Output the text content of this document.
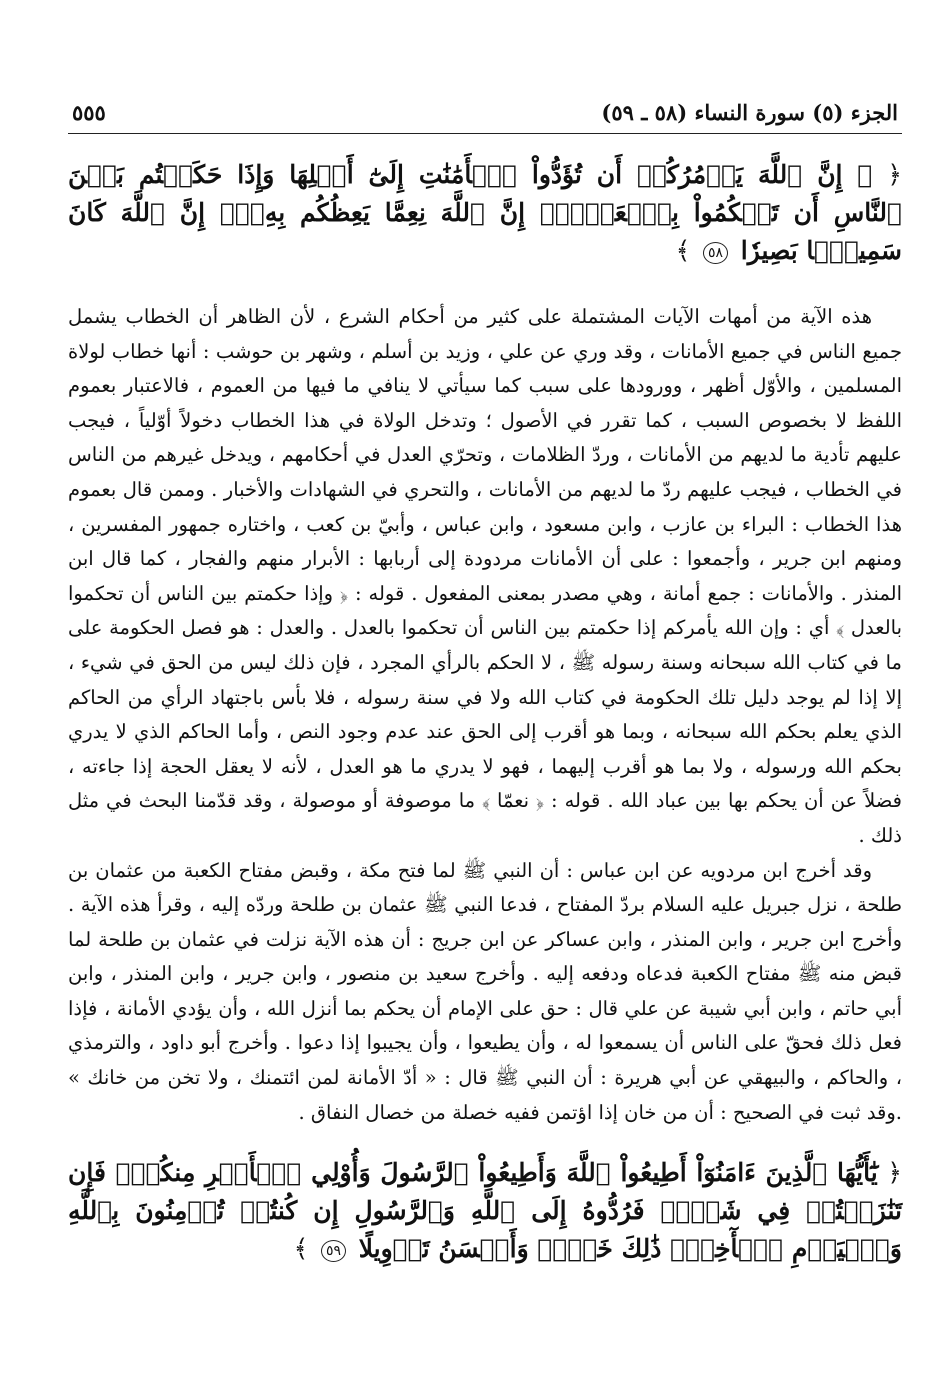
الجزء (٥) سورة النساء (٥٨ ـ ٥٩)
٥٥٥

﴿ ۞ إِنَّ ٱللَّهَ يَأۡمُرُكُمۡ أَن تُؤَدُّواْ ٱلۡأَمَٰنَٰتِ إِلَىٰٓ أَهۡلِهَا وَإِذَا حَكَمۡتُم بَيۡنَ ٱلنَّاسِ أَن تَحۡكُمُواْ بِٱلۡعَدۡلِۚ إِنَّ ٱللَّهَ نِعِمَّا يَعِظُكُم بِهِۦٓۗ إِنَّ ٱللَّهَ كَانَ سَمِيعَۢا بَصِيرٗا ٥٨ ﴾

هذه الآية من أمهات الآيات المشتملة على كثير من أحكام الشرع ، لأن الظاهر أن الخطاب يشمل جميع الناس في جميع الأمانات ، وقد وري عن علي ، وزيد بن أسلم ، وشهر بن حوشب : أنها خطاب لولاة المسلمين ، والأوّل أظهر ، وورودها على سبب كما سيأتي لا ينافي ما فيها من العموم ، فالاعتبار بعموم اللفظ لا بخصوص السبب ، كما تقرر في الأصول ؛ وتدخل الولاة في هذا الخطاب دخولاً أوّلياً ، فيجب عليهم تأدية ما لديهم من الأمانات ، وردّ الظلامات ، وتحرّي العدل في أحكامهم ، ويدخل غيرهم من الناس في الخطاب ، فيجب عليهم ردّ ما لديهم من الأمانات ، والتحري في الشهادات والأخبار . وممن قال بعموم هذا الخطاب : البراء بن عازب ، وابن مسعود ، وابن عباس ، وأبيّ بن كعب ، واختاره جمهور المفسرين ، ومنهم ابن جرير ، وأجمعوا : على أن الأمانات مردودة إلى أربابها : الأبرار منهم والفجار ، كما قال ابن المنذر . والأمانات : جمع أمانة ، وهي مصدر بمعنى المفعول . قوله : ﴿ وإذا حكمتم بين الناس أن تحكموا بالعدل ﴾ أي : وإن الله يأمركم إذا حكمتم بين الناس أن تحكموا بالعدل . والعدل : هو فصل الحكومة على ما في كتاب الله سبحانه وسنة رسوله ﷺ ، لا الحكم بالرأي المجرد ، فإن ذلك ليس من الحق في شيء ، إلا إذا لم يوجد دليل تلك الحكومة في كتاب الله ولا في سنة رسوله ، فلا بأس باجتهاد الرأي من الحاكم الذي يعلم بحكم الله سبحانه ، وبما هو أقرب إلى الحق عند عدم وجود النص ، وأما الحاكم الذي لا يدري بحكم الله ورسوله ، ولا بما هو أقرب إليهما ، فهو لا يدري ما هو العدل ، لأنه لا يعقل الحجة إذا جاءته ، فضلاً عن أن يحكم بها بين عباد الله . قوله : ﴿ نعمّا ﴾ ما موصوفة أو موصولة ، وقد قدّمنا البحث في مثل ذلك .

وقد أخرج ابن مردويه عن ابن عباس : أن النبي ﷺ لما فتح مكة ، وقبض مفتاح الكعبة من عثمان بن طلحة ، نزل جبريل عليه السلام بردّ المفتاح ، فدعا النبي ﷺ عثمان بن طلحة وردّه إليه ، وقرأ هذه الآية . وأخرج ابن جرير ، وابن المنذر ، وابن عساكر عن ابن جريج : أن هذه الآية نزلت في عثمان بن طلحة لما قبض منه ﷺ مفتاح الكعبة فدعاه ودفعه إليه . وأخرج سعيد بن منصور ، وابن جرير ، وابن المنذر ، وابن أبي حاتم ، وابن أبي شيبة عن علي قال : حق على الإمام أن يحكم بما أنزل الله ، وأن يؤدي الأمانة ، فإذا فعل ذلك فحقّ على الناس أن يسمعوا له ، وأن يطيعوا ، وأن يجيبوا إذا دعوا . وأخرج أبو داود ، والترمذي ، والحاكم ، والبيهقي عن أبي هريرة : أن النبي ﷺ قال : « أدّ الأمانة لمن ائتمنك ، ولا تخن من خانك » .وقد ثبت في الصحيح : أن من خان إذا اؤتمن ففيه خصلة من خصال النفاق .

﴿ يَٰٓأَيُّهَا ٱلَّذِينَ ءَامَنُوٓاْ أَطِيعُواْ ٱللَّهَ وَأَطِيعُواْ ٱلرَّسُولَ وَأُوْلِي ٱلۡأَمۡرِ مِنكُمۡۖ فَإِن تَنَٰزَعۡتُمۡ فِي شَيۡءٖ فَرُدُّوهُ إِلَى ٱللَّهِ وَٱلرَّسُولِ إِن كُنتُمۡ تُؤۡمِنُونَ بِٱللَّهِ وَٱلۡيَوۡمِ ٱلۡأٓخِرِۚ ذَٰلِكَ خَيۡرٞ وَأَحۡسَنُ تَأۡوِيلًا ٥٩ ﴾
